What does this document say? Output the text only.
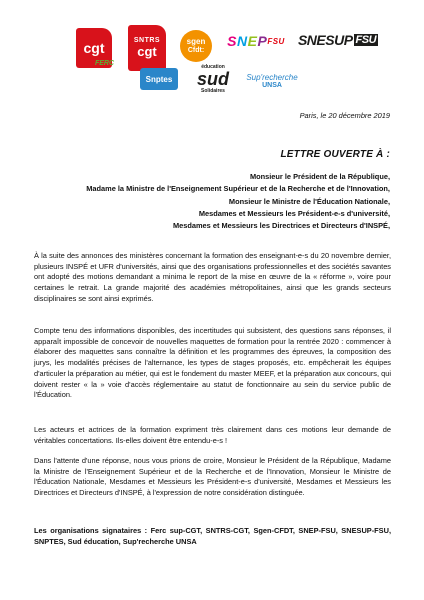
cgt
FERC
SNTRS
cgt
sgen
Cfdt:
S N E P FSU SNESUP FSU
Snptes
éducation
sud
Solidaires
Sup'recherche
UNSA
Paris, le 20 décembre 2019
LETTRE OUVERTE À :
Monsieur le Président de la République,
Madame la Ministre de l'Enseignement Supérieur et de la Recherche et de l'Innovation,
Monsieur le Ministre de l'Éducation Nationale,
Mesdames et Messieurs les Président-e-s d'université,
Mesdames et Messieurs les Directrices et Directeurs d'INSPÉ,

À la suite des annonces des ministères concernant la formation des enseignant-e-s du 20 novembre dernier, plusieurs INSPÉ et UFR d'universités, ainsi que des organisations professionnelles et des sociétés savantes ont adopté des motions demandant a minima le report de la mise en œuvre de la « réforme », voire pour certaines le retrait. La grande majorité des académies métropolitaines, ainsi que les grands secteurs disciplinaires se sont ainsi exprimés.

Compte tenu des informations disponibles, des incertitudes qui subsistent, des questions sans réponses, il apparaît impossible de concevoir de nouvelles maquettes de formation pour la rentrée 2020 : commencer à élaborer des maquettes sans connaître la définition et les programmes des épreuves, la composition des jurys, les modalités précises de l'alternance, les types de stages proposés, etc. empêcherait les équipes d'articuler la préparation au métier, qui est le fondement du master MEEF, et la préparation aux concours, qui doivent rester « la » voie d'accès réglementaire au statut de fonctionnaire au sein du service public de l'Éducation.

Les acteurs et actrices de la formation expriment très clairement dans ces motions leur demande de véritables concertations. Ils-elles doivent être entendu-e-s !

Dans l'attente d'une réponse, nous vous prions de croire, Monsieur le Président de la République, Madame la Ministre de l'Enseignement Supérieur et de la Recherche et de l'Innovation, Monsieur le Ministre de l'Éducation Nationale, Mesdames et Messieurs les Président-e-s d'université, Mesdames et Messieurs les Directrices et Directeurs d'INSPÉ, à l'expression de notre considération distinguée.

Les organisations signataires : Ferc sup-CGT, SNTRS-CGT, Sgen-CFDT, SNEP-FSU, SNESUP-FSU, SNPTES, Sud éducation, Sup'recherche UNSA
